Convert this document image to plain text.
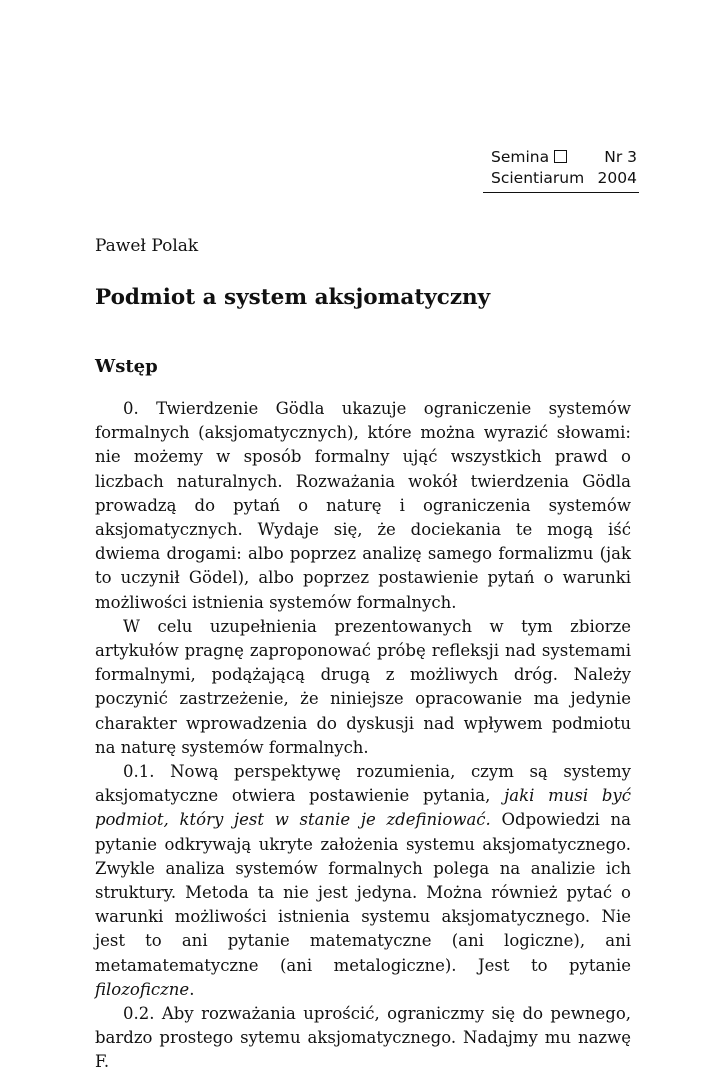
Semina	Nr 3
Scientiarum 2004
Paweł Polak
Podmiot a system aksjomatyczny
Wstęp

0. Twierdzenie Gödla ukazuje ograniczenie systemów formalnych (aksjomatycznych), które można wyrazić słowami: nie możemy w sposób formalny ująć wszystkich prawd o liczbach naturalnych. Rozważania wokół twierdzenia Gödla prowadzą do pytań o naturę i ograniczenia systemów aksjomatycznych. Wydaje się, że dociekania te mogą iść dwiema drogami: albo poprzez analizę samego formalizmu (jak to uczynił Gödel), albo poprzez postawienie pytań o warunki możliwości istnienia systemów formalnych.

W celu uzupełnienia prezentowanych w tym zbiorze artykułów pragnę zaproponować próbę refleksji nad systemami formalnymi, podążającą drugą z możliwych dróg. Należy poczynić zastrzeżenie, że niniejsze opracowanie ma jedynie charakter wprowadzenia do dyskusji nad wpływem podmiotu na naturę systemów formalnych.

0.1. Nową perspektywę rozumienia, czym są systemy aksjomatyczne otwiera postawienie pytania, jaki musi być podmiot, który jest w stanie je zdefiniować. Odpowiedzi na pytanie odkrywają ukryte założenia systemu aksjomatycznego. Zwykle analiza systemów formalnych polega na analizie ich struktury. Metoda ta nie jest jedyna. Można również pytać o warunki możliwości istnienia systemu aksjomatycznego. Nie jest to ani pytanie matematyczne (ani logiczne), ani metamatematyczne (ani metalogiczne). Jest to pytanie filozoficzne.

0.2. Aby rozważania uprościć, ograniczmy się do pewnego, bardzo prostego sytemu aksjomatycznego. Nadajmy mu nazwę F.
